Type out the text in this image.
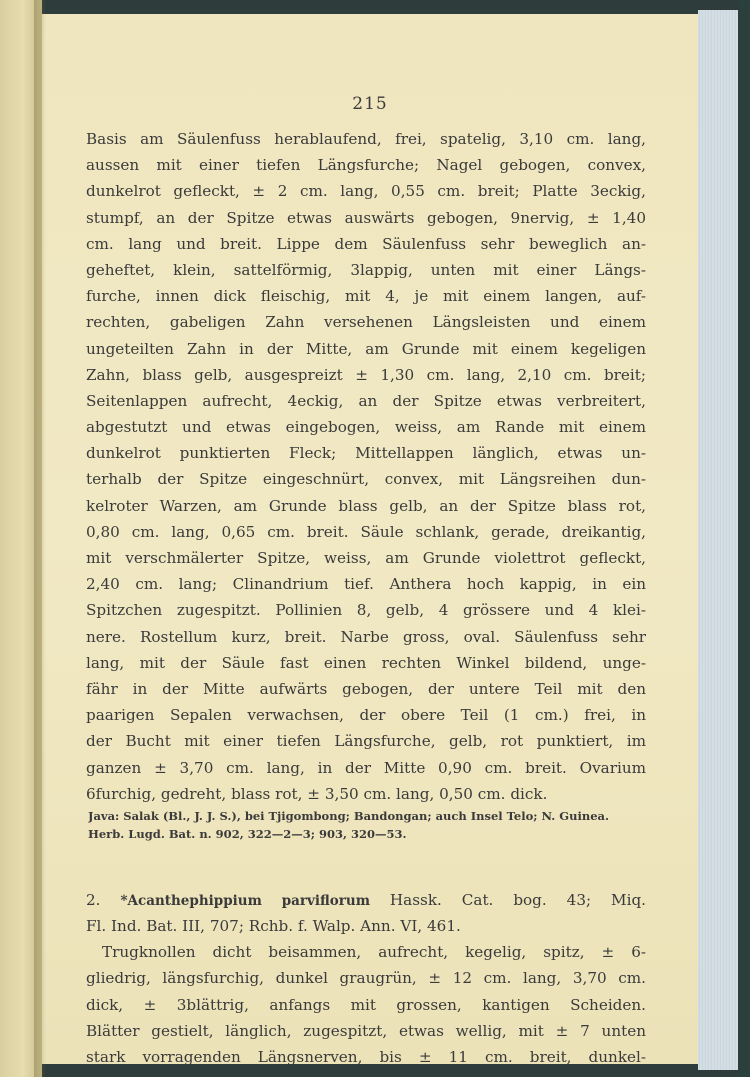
215
Basis am Säulenfuss herablaufend, frei, spatelig, 3,10 cm. lang,
aussen mit einer tiefen Längsfurche; Nagel gebogen, convex,
dunkelrot gefleckt, ± 2 cm. lang, 0,55 cm. breit; Platte 3eckig,
stumpf, an der Spitze etwas auswärts gebogen, 9nervig, ± 1,40
cm. lang und breit. Lippe dem Säulenfuss sehr beweglich an-
geheftet, klein, sattelförmig, 3lappig, unten mit einer Längs-
furche, innen dick fleischig, mit 4, je mit einem langen, auf-
rechten, gabeligen Zahn versehenen Längsleisten und einem
ungeteilten Zahn in der Mitte, am Grunde mit einem kegeligen
Zahn, blass gelb, ausgespreizt ± 1,30 cm. lang, 2,10 cm. breit;
Seitenlappen aufrecht, 4eckig, an der Spitze etwas verbreitert,
abgestutzt und etwas eingebogen, weiss, am Rande mit einem
dunkelrot punktierten Fleck; Mittellappen länglich, etwas un-
terhalb der Spitze eingeschnürt, convex, mit Längsreihen dun-
kelroter Warzen, am Grunde blass gelb, an der Spitze blass rot,
0,80 cm. lang, 0,65 cm. breit. Säule schlank, gerade, dreikantig,
mit verschmälerter Spitze, weiss, am Grunde violettrot gefleckt,
2,40 cm. lang; Clinandrium tief. Anthera hoch kappig, in ein
Spitzchen zugespitzt. Pollinien 8, gelb, 4 grössere und 4 klei-
nere. Rostellum kurz, breit. Narbe gross, oval. Säulenfuss sehr
lang, mit der Säule fast einen rechten Winkel bildend, unge-
fähr in der Mitte aufwärts gebogen, der untere Teil mit den
paarigen Sepalen verwachsen, der obere Teil (1 cm.) frei, in
der Bucht mit einer tiefen Längsfurche, gelb, rot punktiert, im
ganzen ± 3,70 cm. lang, in der Mitte 0,90 cm. breit. Ovarium
6furchig, gedreht, blass rot, ± 3,50 cm. lang, 0,50 cm. dick.
Java: Salak (Bl., J. J. S.), bei Tjigombong; Bandongan; auch Insel Telo; N. Guinea.
Herb. Lugd. Bat. n. 902, 322—2—3; 903, 320—53.
2. *Acanthephippium parviflorum Hassk. Cat. bog. 43; Miq.
Fl. Ind. Bat. III, 707; Rchb. f. Walp. Ann. VI, 461.
Trugknollen dicht beisammen, aufrecht, kegelig, spitz, ± 6-
gliedrig, längsfurchig, dunkel graugrün, ± 12 cm. lang, 3,70 cm.
dick, ± 3blättrig, anfangs mit grossen, kantigen Scheiden.
Blätter gestielt, länglich, zugespitzt, etwas wellig, mit ± 7 unten
stark vorragenden Längsnerven, bis ± 11 cm. breit, dunkel-
